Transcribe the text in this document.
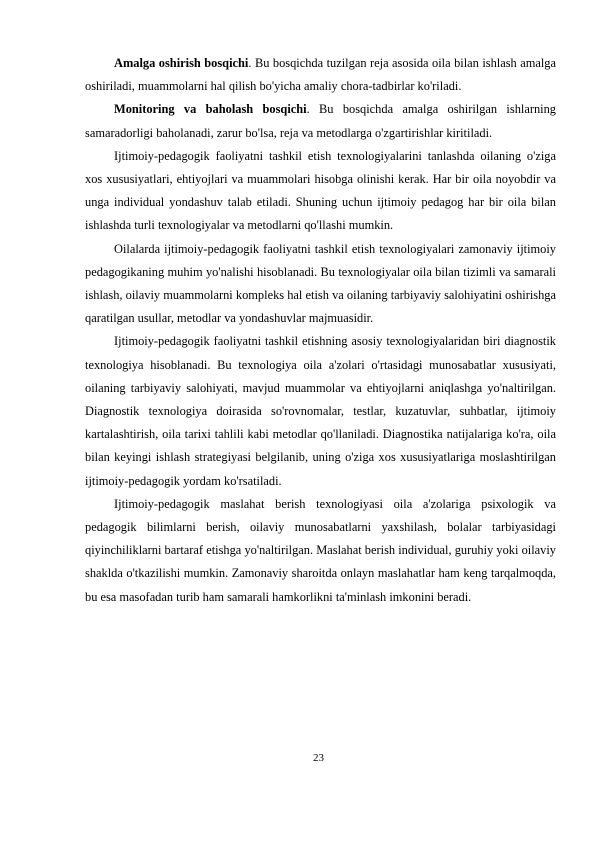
Amalga oshirish bosqichi. Bu bosqichda tuzilgan reja asosida oila bilan ishlash amalga oshiriladi, muammolarni hal qilish bo'yicha amaliy chora-tadbirlar ko'riladi.

Monitoring va baholash bosqichi. Bu bosqichda amalga oshirilgan ishlarning samaradorligi baholanadi, zarur bo'lsa, reja va metodlarga o'zgartirishlar kiritiladi.

Ijtimoiy-pedagogik faoliyatni tashkil etish texnologiyalarini tanlashda oilaning o'ziga xos xususiyatlari, ehtiyojlari va muammolari hisobga olinishi kerak. Har bir oila noyobdir va unga individual yondashuv talab etiladi. Shuning uchun ijtimoiy pedagog har bir oila bilan ishlashda turli texnologiyalar va metodlarni qo'llashi mumkin.

Oilalarda ijtimoiy-pedagogik faoliyatni tashkil etish texnologiyalari zamonaviy ijtimoiy pedagogikaning muhim yo'nalishi hisoblanadi. Bu texnologiyalar oila bilan tizimli va samarali ishlash, oilaviy muammolarni kompleks hal etish va oilaning tarbiyaviy salohiyatini oshirishga qaratilgan usullar, metodlar va yondashuvlar majmuasidir.

Ijtimoiy-pedagogik faoliyatni tashkil etishning asosiy texnologiyalaridan biri diagnostik texnologiya hisoblanadi. Bu texnologiya oila a'zolari o'rtasidagi munosabatlar xususiyati, oilaning tarbiyaviy salohiyati, mavjud muammolar va ehtiyojlarni aniqlashga yo'naltirilgan. Diagnostik texnologiya doirasida so'rovnomalar, testlar, kuzatuvlar, suhbatlar, ijtimoiy kartalashtirish, oila tarixi tahlili kabi metodlar qo'llaniladi. Diagnostika natijalariga ko'ra, oila bilan keyingi ishlash strategiyasi belgilanib, uning o'ziga xos xususiyatlariga moslashtirilgan ijtimoiy-pedagogik yordam ko'rsatiladi.

Ijtimoiy-pedagogik maslahat berish texnologiyasi oila a'zolariga psixologik va pedagogik bilimlarni berish, oilaviy munosabatlarni yaxshilash, bolalar tarbiyasidagi qiyinchiliklarni bartaraf etishga yo'naltirilgan. Maslahat berish individual, guruhiy yoki oilaviy shaklda o'tkazilishi mumkin. Zamonaviy sharoitda onlayn maslahatlar ham keng tarqalmoqda, bu esa masofadan turib ham samarali hamkorlikni ta'minlash imkonini beradi.

23
